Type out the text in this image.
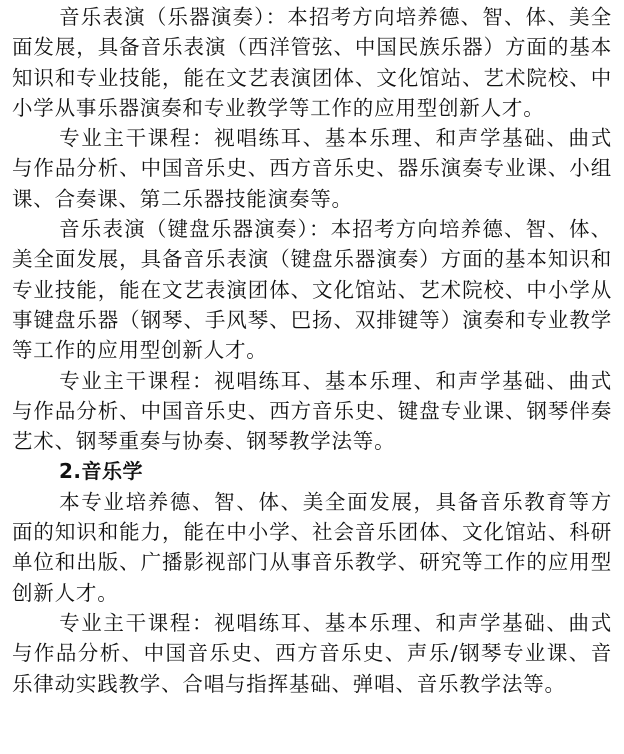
音乐表演（乐器演奏）：本招考方向培养德、智、体、美全面发展，具备音乐表演（西洋管弦、中国民族乐器）方面的基本知识和专业技能，能在文艺表演团体、文化馆站、艺术院校、中小学从事乐器演奏和专业教学等工作的应用型创新人才。

专业主干课程：视唱练耳、基本乐理、和声学基础、曲式与作品分析、中国音乐史、西方音乐史、器乐演奏专业课、小组课、合奏课、第二乐器技能演奏等。

音乐表演（键盘乐器演奏）：本招考方向培养德、智、体、美全面发展，具备音乐表演（键盘乐器演奏）方面的基本知识和专业技能，能在文艺表演团体、文化馆站、艺术院校、中小学从事键盘乐器（钢琴、手风琴、巴扬、双排键等）演奏和专业教学等工作的应用型创新人才。

专业主干课程：视唱练耳、基本乐理、和声学基础、曲式与作品分析、中国音乐史、西方音乐史、键盘专业课、钢琴伴奏艺术、钢琴重奏与协奏、钢琴教学法等。

2.音乐学

本专业培养德、智、体、美全面发展，具备音乐教育等方面的知识和能力，能在中小学、社会音乐团体、文化馆站、科研单位和出版、广播影视部门从事音乐教学、研究等工作的应用型创新人才。

专业主干课程：视唱练耳、基本乐理、和声学基础、曲式与作品分析、中国音乐史、西方音乐史、声乐/钢琴专业课、音乐律动实践教学、合唱与指挥基础、弹唱、音乐教学法等。
